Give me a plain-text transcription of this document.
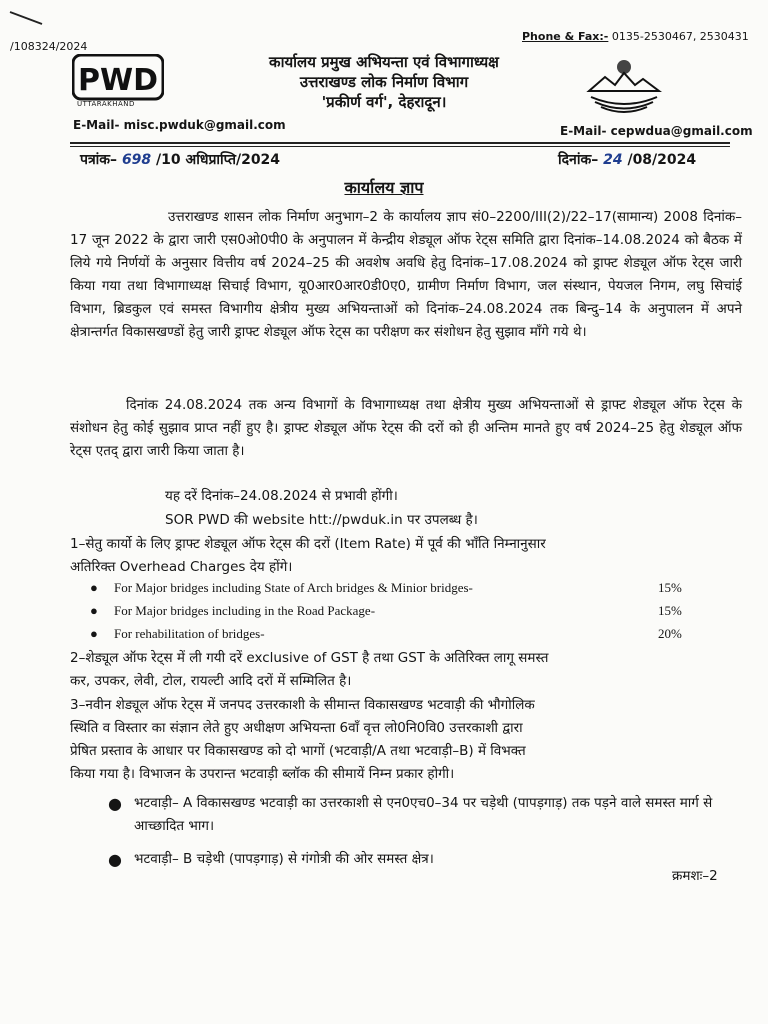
/108324/2024
Phone & Fax:- 0135-2530467, 2530431
PWD
UTTARAKHAND
कार्यालय प्रमुख अभियन्ता एवं विभागाध्यक्ष
उत्तराखण्ड लोक निर्माण विभाग
'प्रकीर्ण वर्ग', देहरादून।
E-Mail- misc.pwduk@gmail.com	E-Mail- cepwdua@gmail.com
पत्रांक– 698 /10 अधिप्राप्ति/2024	दिनांक– 24 /08/2024
कार्यालय ज्ञाप
उत्तराखण्ड शासन लोक निर्माण अनुभाग–2 के कार्यालय ज्ञाप सं0–2200/III(2)/22–17(सामान्य) 2008 दिनांक–17 जून 2022 के द्वारा जारी एस0ओ0पी0 के अनुपालन में केन्द्रीय शेड्यूल ऑफ रेट्स समिति द्वारा दिनांक–14.08.2024 को बैठक में लिये गये निर्णयों के अनुसार वित्तीय वर्ष 2024–25 की अवशेष अवधि हेतु दिनांक–17.08.2024 को ड्राफ्ट शेड्यूल ऑफ रेट्स जारी किया गया तथा विभागाध्यक्ष सिचाई विभाग, यू0आर0आर0डी0ए0, ग्रामीण निर्माण विभाग, जल संस्थान, पेयजल निगम, लघु सिचांई विभाग, ब्रिडकुल एवं समस्त विभागीय क्षेत्रीय मुख्य अभियन्ताओं को दिनांक–24.08.2024 तक बिन्दु–14 के अनुपालन में अपने क्षेत्रान्तर्गत विकासखण्डों हेतु जारी ड्राफ्ट शेड्यूल ऑफ रेट्स का परीक्षण कर संशोधन हेतु सुझाव माँगे गये थे।
दिनांक 24.08.2024 तक अन्य विभागों के विभागाध्यक्ष तथा क्षेत्रीय मुख्य अभियन्ताओं से ड्राफ्ट शेड्यूल ऑफ रेट्स के संशोधन हेतु कोई सुझाव प्राप्त नहीं हुए है। ड्राफ्ट शेड्यूल ऑफ रेट्स की दरों को ही अन्तिम मानते हुए वर्ष 2024–25 हेतु शेड्यूल ऑफ रेट्स एतद् द्वारा जारी किया जाता है।
यह दरें दिनांक–24.08.2024 से प्रभावी होंगी।
SOR PWD की website htt://pwduk.in पर उपलब्ध है।
1–सेतु कार्यो के लिए ड्राफ्ट शेड्यूल ऑफ रेट्स की दरों (Item Rate) में पूर्व की भाँति निम्नानुसार
अतिरिक्त Overhead Charges देय होंगे।
● For Major bridges including State of Arch bridges & Minior bridges-	15%
● For Major bridges including in the Road Package-	15%
● For rehabilitation of bridges-	20%
2–शेड्यूल ऑफ रेट्स में ली गयी दरें exclusive of GST है तथा GST के अतिरिक्त लागू समस्त
कर, उपकर, लेवी, टोल, रायल्टी आदि दरों में सम्मिलित है।
3–नवीन शेड्यूल ऑफ रेट्स में जनपद उत्तरकाशी के सीमान्त विकासखण्ड भटवाड़ी की भौगोलिक
स्थिति व विस्तार का संज्ञान लेते हुए अधीक्षण अभियन्ता 6वॉं वृत्त लो0नि0वि0 उत्तरकाशी द्वारा
प्रेषित प्रस्ताव के आधार पर विकासखण्ड को दो भागों (भटवाड़ी/A तथा भटवाड़ी–B) में विभक्त
किया गया है। विभाजन के उपरान्त भटवाड़ी ब्लॉक की सीमायें निम्न प्रकार होगी।
● भटवाड़ी– A विकासखण्ड भटवाड़ी का उत्तरकाशी से एन0एच0–34 पर चड़ेथी (पापड़गाड़) तक पड़ने वाले समस्त मार्ग से आच्छादित भाग।
● भटवाड़ी– B चड़ेथी (पापड़गाड़) से गंगोत्री की ओर समस्त क्षेत्र।
क्रमशः–2
